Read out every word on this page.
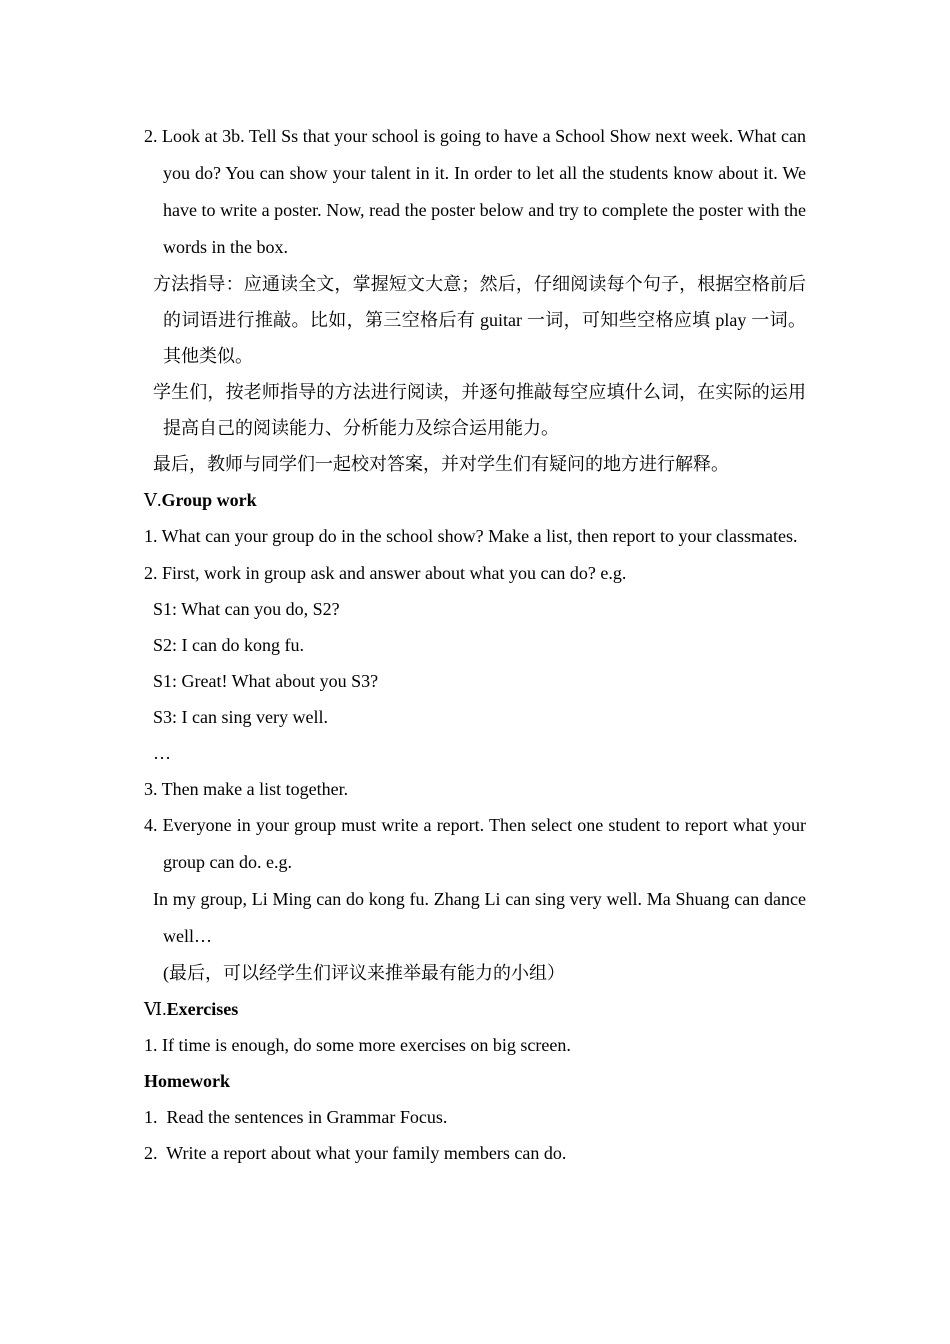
2. Look at 3b. Tell Ss that your school is going to have a School Show next week. What can you do? You can show your talent in it. In order to let all the students know about it. We have to write a poster. Now, read the poster below and try to complete the poster with the words in the box.

方法指导：应通读全文，掌握短文大意；然后，仔细阅读每个句子，根据空格前后的词语进行推敲。比如，第三空格后有 guitar 一词，可知些空格应填 play 一词。其他类似。

学生们，按老师指导的方法进行阅读，并逐句推敲每空应填什么词，在实际的运用提高自己的阅读能力、分析能力及综合运用能力。

最后，教师与同学们一起校对答案，并对学生们有疑问的地方进行解释。

Ⅴ.Group work

1. What can your group do in the school show? Make a list, then report to your classmates.

2. First, work in group ask and answer about what you can do? e.g.

S1: What can you do, S2?

S2: I can do kong fu.

S1: Great! What about you S3?

S3: I can sing very well.

…

3. Then make a list together.

4. Everyone in your group must write a report. Then select one student to report what your group can do. e.g.

In my group, Li Ming can do kong fu. Zhang Li can sing very well. Ma Shuang can dance well…

(最后，可以经学生们评议来推举最有能力的小组）

Ⅵ.Exercises

1. If time is enough, do some more exercises on big screen.

Homework

1.  Read the sentences in Grammar Focus.

2.  Write a report about what your family members can do.
